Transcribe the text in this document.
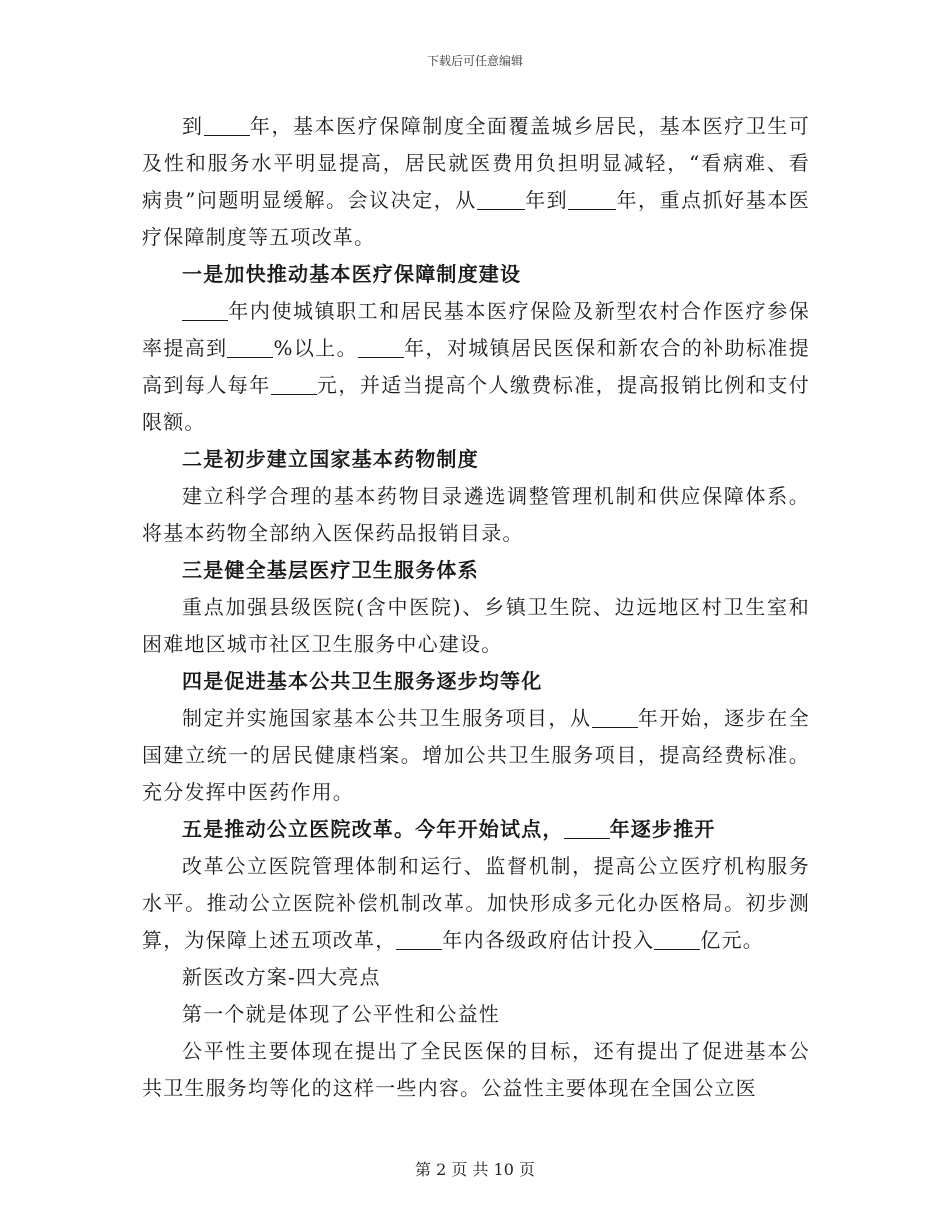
下载后可任意编辑

到 年，基本医疗保障制度全面覆盖城乡居民，基本医疗卫生可及性和服务水平明显提高，居民就医费用负担明显减轻，“看病难、看病贵”问题明显缓解。会议决定，从 年到 年，重点抓好基本医疗保障制度等五项改革。

一是加快推动基本医疗保障制度建设

年内使城镇职工和居民基本医疗保险及新型农村合作医疗参保率提高到 %以上。 年，对城镇居民医保和新农合的补助标准提高到每人每年 元，并适当提高个人缴费标准，提高报销比例和支付限额。

二是初步建立国家基本药物制度

建立科学合理的基本药物目录遴选调整管理机制和供应保障体系。将基本药物全部纳入医保药品报销目录。

三是健全基层医疗卫生服务体系

重点加强县级医院(含中医院)、乡镇卫生院、边远地区村卫生室和困难地区城市社区卫生服务中心建设。

四是促进基本公共卫生服务逐步均等化

制定并实施国家基本公共卫生服务项目，从 年开始，逐步在全国建立统一的居民健康档案。增加公共卫生服务项目，提高经费标准。充分发挥中医药作用。

五是推动公立医院改革。今年开始试点， 年逐步推开

改革公立医院管理体制和运行、监督机制，提高公立医疗机构服务水平。推动公立医院补偿机制改革。加快形成多元化办医格局。初步测算，为保障上述五项改革， 年内各级政府估计投入 亿元。

新医改方案-四大亮点

第一个就是体现了公平性和公益性

公平性主要体现在提出了全民医保的目标，还有提出了促进基本公共卫生服务均等化的这样一些内容。公益性主要体现在全国公立医

第 2 页 共 10 页
